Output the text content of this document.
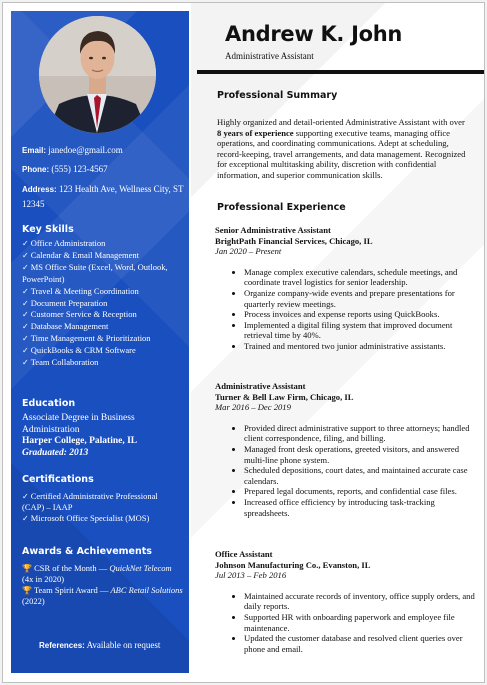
Email: janedoe@gmail.com
Phone: (555) 123-4567
Address: 123 Health Ave, Wellness City, ST 12345
Key Skills
✓ Office Administration
✓ Calendar & Email Management
✓ MS Office Suite (Excel, Word, Outlook, PowerPoint)
✓ Travel & Meeting Coordination
✓ Document Preparation
✓ Customer Service & Reception
✓ Database Management
✓ Time Management & Prioritization
✓ QuickBooks & CRM Software
✓ Team Collaboration
Education
Associate Degree in Business Administration
Harper College, Palatine, IL
Graduated: 2013
Certifications
✓ Certified Administrative Professional (CAP) – IAAP
✓ Microsoft Office Specialist (MOS)
Awards & Achievements
🏆 CSR of the Month — QuickNet Telecom (4x in 2020)
🏆 Team Spirit Award — ABC Retail Solutions (2022)
References: Available on request
Andrew K. John
Administrative Assistant
Professional Summary
Highly organized and detail-oriented Administrative Assistant with over 8 years of experience supporting executive teams, managing office operations, and coordinating communications. Adept at scheduling, record-keeping, travel arrangements, and data management. Recognized for exceptional multitasking ability, discretion with confidential information, and superior communication skills.
Professional Experience
Senior Administrative Assistant
BrightPath Financial Services, Chicago, IL
Jan 2020 – Present
• Manage complex executive calendars, schedule meetings, and coordinate travel logistics for senior leadership.
• Organize company-wide events and prepare presentations for quarterly review meetings.
• Process invoices and expense reports using QuickBooks.
• Implemented a digital filing system that improved document retrieval time by 40%.
• Trained and mentored two junior administrative assistants.
Administrative Assistant
Turner & Bell Law Firm, Chicago, IL
Mar 2016 – Dec 2019
• Provided direct administrative support to three attorneys; handled client correspondence, filing, and billing.
• Managed front desk operations, greeted visitors, and answered multi-line phone system.
• Scheduled depositions, court dates, and maintained accurate case calendars.
• Prepared legal documents, reports, and confidential case files.
• Increased office efficiency by introducing task-tracking spreadsheets.
Office Assistant
Johnson Manufacturing Co., Evanston, IL
Jul 2013 – Feb 2016
• Maintained accurate records of inventory, office supply orders, and daily reports.
• Supported HR with onboarding paperwork and employee file maintenance.
• Updated the customer database and resolved client queries over phone and email.
